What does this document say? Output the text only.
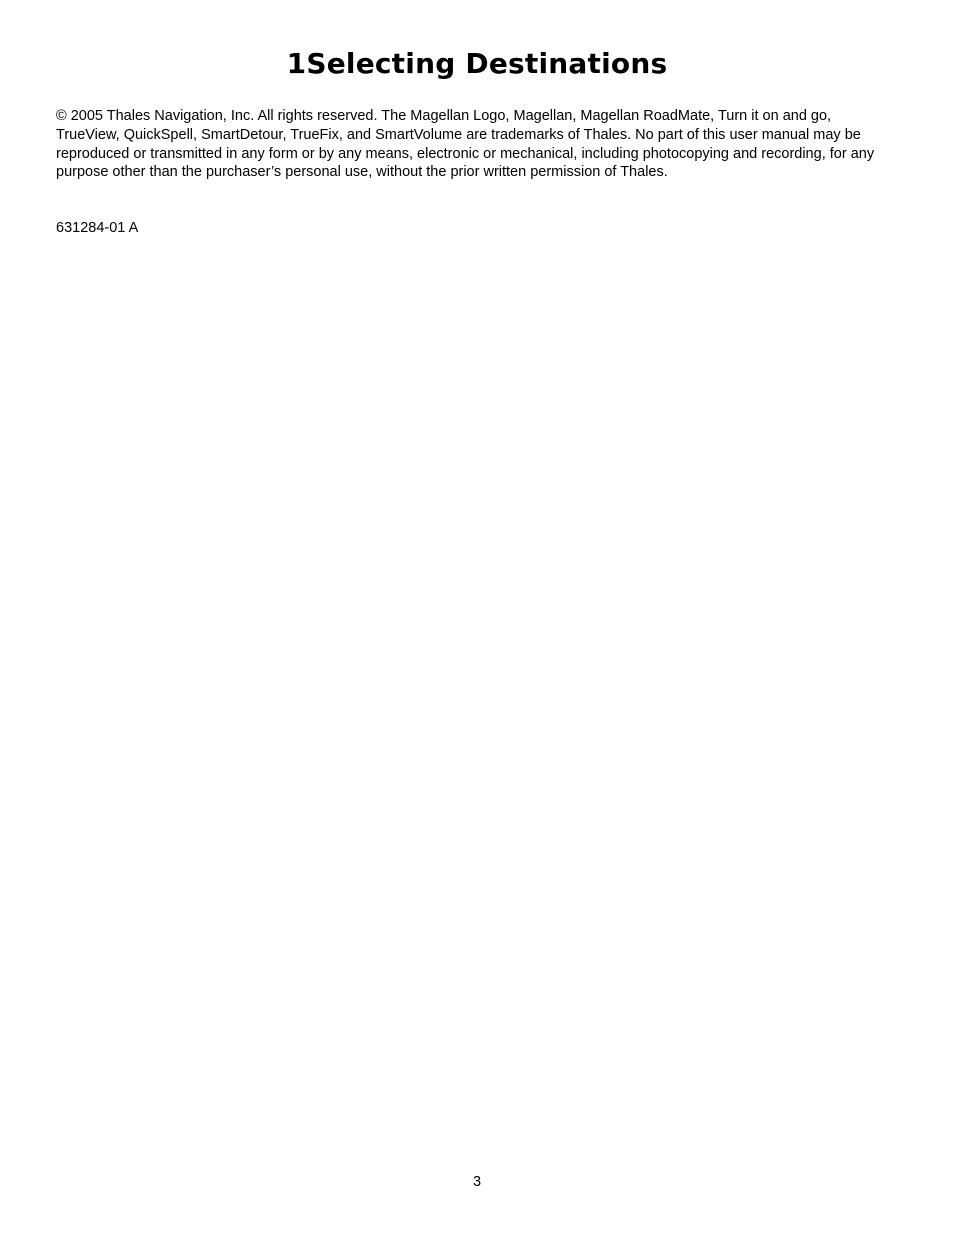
1Selecting Destinations

© 2005 Thales Navigation, Inc. All rights reserved. The Magellan Logo, Magellan, Magellan RoadMate, Turn it on and go, TrueView, QuickSpell, SmartDetour, TrueFix, and SmartVolume are trademarks of Thales. No part of this user manual may be reproduced or transmitted in any form or by any means, electronic or mechanical, including photocopying and recording, for any purpose other than the purchaser’s personal use, without the prior written permission of Thales.

631284-01 A

3
